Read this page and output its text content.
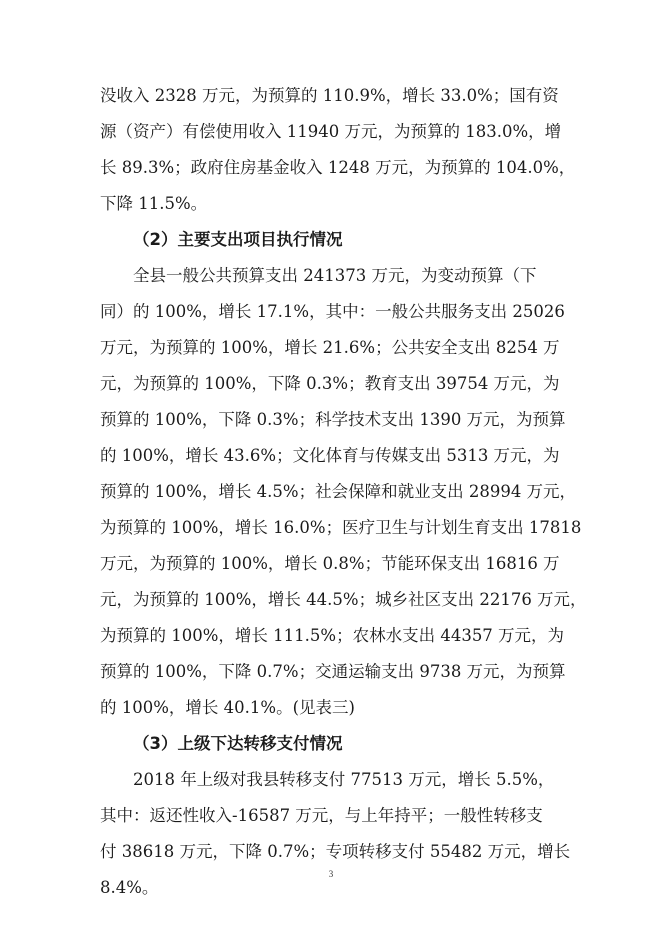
没收入 2328 万元，为预算的 110.9%，增长 33.0%；国有资
源（资产）有偿使用收入 11940 万元，为预算的 183.0%，增
长 89.3%；政府住房基金收入 1248 万元，为预算的 104.0%，
下降 11.5%。
（2）主要支出项目执行情况
全县一般公共预算支出 241373 万元，为变动预算（下
同）的 100%，增长 17.1%，其中：一般公共服务支出 25026
万元，为预算的 100%，增长 21.6%；公共安全支出 8254 万
元，为预算的 100%，下降 0.3%；教育支出 39754 万元，为
预算的 100%，下降 0.3%；科学技术支出 1390 万元，为预算
的 100%，增长 43.6%；文化体育与传媒支出 5313 万元，为
预算的 100%，增长 4.5%；社会保障和就业支出 28994 万元，
为预算的 100%，增长 16.0%；医疗卫生与计划生育支出 17818
万元，为预算的 100%，增长 0.8%；节能环保支出 16816 万
元，为预算的 100%，增长 44.5%；城乡社区支出 22176 万元，
为预算的 100%，增长 111.5%；农林水支出 44357 万元，为
预算的 100%，下降 0.7%；交通运输支出 9738 万元，为预算
的 100%，增长 40.1%。(见表三)
（3）上级下达转移支付情况
2018 年上级对我县转移支付 77513 万元，增长 5.5%，
其中：返还性收入-16587 万元，与上年持平；一般性转移支
付 38618 万元，下降 0.7%；专项转移支付 55482 万元，增长
8.4%。
3
